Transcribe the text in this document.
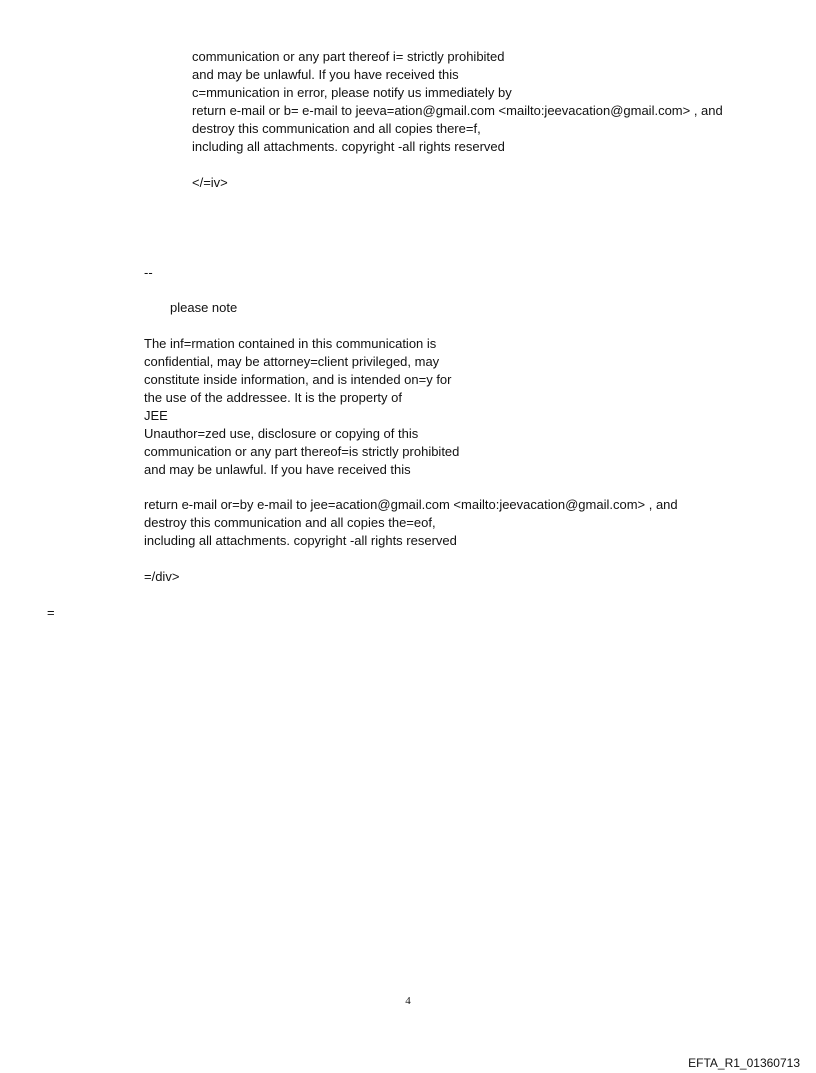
communication or any part thereof i= strictly prohibited
and may be unlawful. If you have received this
c=mmunication in error, please notify us immediately by
return e-mail or b= e-mail to jeeva=ation@gmail.com <mailto:jeevacation@gmail.com> , and
destroy this communication and all copies there=f,
including all attachments. copyright -all rights reserved
</=iv>
--
please note
The inf=rmation contained in this communication is
confidential, may be attorney=client privileged, may
constitute inside information, and is intended on=y for
the use of the addressee. It is the property of
JEE
Unauthor=zed use, disclosure or copying of this
communication or any part thereof=is strictly prohibited
and may be unlawful. If you have received this
return e-mail or=by e-mail to jee=acation@gmail.com <mailto:jeevacation@gmail.com> , and
destroy this communication and all copies the=eof,
including all attachments. copyright -all rights reserved
=/div>
=
4
EFTA_R1_01360713
